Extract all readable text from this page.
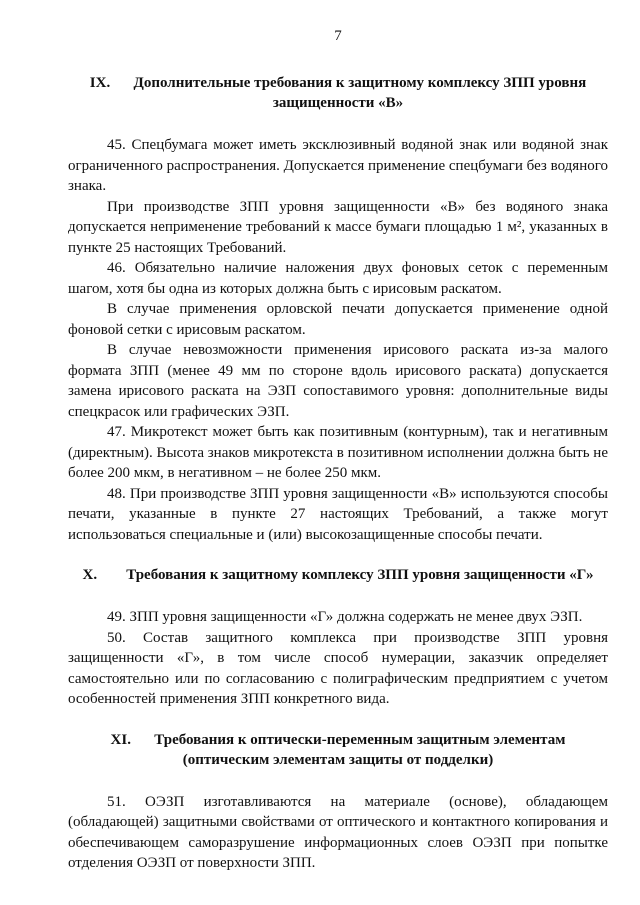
7
IX. Дополнительные требования к защитному комплексу ЗПП уровня
защищенности «В»

45. Спецбумага может иметь эксклюзивный водяной знак или водяной знак ограниченного распространения. Допускается применение спецбумаги без водяного знака.

При производстве ЗПП уровня защищенности «В» без водяного знака допускается неприменение требований к массе бумаги площадью 1 м², указанных в пункте 25 настоящих Требований.

46. Обязательно наличие наложения двух фоновых сеток с переменным шагом, хотя бы одна из которых должна быть с ирисовым раскатом.

В случае применения орловской печати допускается применение одной фоновой сетки с ирисовым раскатом.

В случае невозможности применения ирисового раската из-за малого формата ЗПП (менее 49 мм по стороне вдоль ирисового раската) допускается замена ирисового раската на ЭЗП сопоставимого уровня: дополнительные виды спецкрасок или графических ЭЗП.

47. Микротекст может быть как позитивным (контурным), так и негативным (директным). Высота знаков микротекста в позитивном исполнении должна быть не более 200 мкм, в негативном – не более 250 мкм.

48. При производстве ЗПП уровня защищенности «В» используются способы печати, указанные в пункте 27 настоящих Требований, а также могут использоваться специальные и (или) высокозащищенные способы печати.

X. Требования к защитному комплексу ЗПП уровня защищенности «Г»

49. ЗПП уровня защищенности «Г» должна содержать не менее двух ЭЗП.

50. Состав защитного комплекса при производстве ЗПП уровня защищенности «Г», в том числе способ нумерации, заказчик определяет самостоятельно или по согласованию с полиграфическим предприятием с учетом особенностей применения ЗПП конкретного вида.

XI. Требования к оптически-переменным защитным элементам
(оптическим элементам защиты от подделки)

51. ОЭЗП изготавливаются на материале (основе), обладающем (обладающей) защитными свойствами от оптического и контактного копирования и обеспечивающем саморазрушение информационных слоев ОЭЗП при попытке отделения ОЭЗП от поверхности ЗПП.
